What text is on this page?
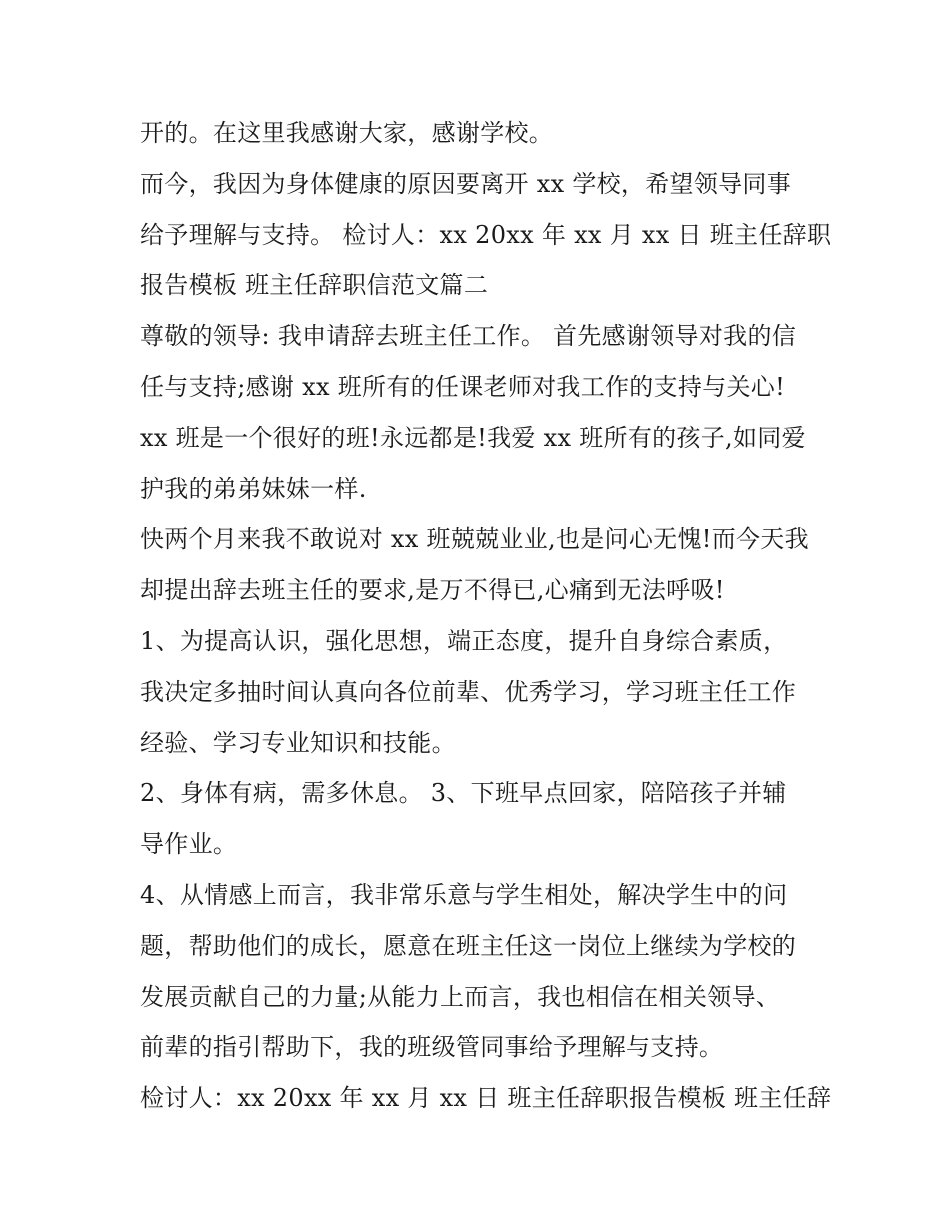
开的。在这里我感谢大家，感谢学校。
而今，我因为身体健康的原因要离开 xx 学校，希望领导同事
给予理解与支持。 检讨人：xx 20xx 年 xx 月 xx 日 班主任辞职
报告模板 班主任辞职信范文篇二
尊敬的领导: 我申请辞去班主任工作。 首先感谢领导对我的信
任与支持;感谢 xx 班所有的任课老师对我工作的支持与关心!
xx 班是一个很好的班!永远都是!我爱 xx 班所有的孩子,如同爱
护我的弟弟妹妹一样.
快两个月来我不敢说对 xx 班兢兢业业,也是问心无愧!而今天我
却提出辞去班主任的要求,是万不得已,心痛到无法呼吸!
1、为提高认识，强化思想，端正态度，提升自身综合素质，
我决定多抽时间认真向各位前辈、优秀学习，学习班主任工作
经验、学习专业知识和技能。
2、身体有病，需多休息。 3、下班早点回家，陪陪孩子并辅
导作业。
4、从情感上而言，我非常乐意与学生相处，解决学生中的问
题，帮助他们的成长，愿意在班主任这一岗位上继续为学校的
发展贡献自己的力量;从能力上而言，我也相信在相关领导、
前辈的指引帮助下，我的班级管同事给予理解与支持。
检讨人：xx 20xx 年 xx 月 xx 日 班主任辞职报告模板 班主任辞
